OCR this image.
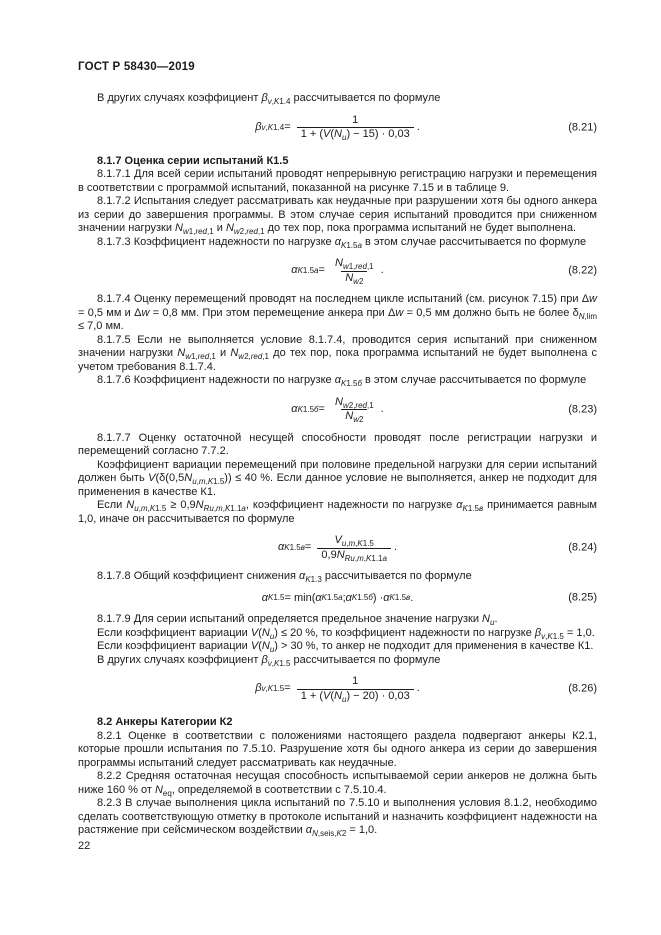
ГОСТ Р 58430—2019

В других случаях коэффициент $\beta_{v,K1.4}$ рассчитывается по формуле

β $v,K1.4 = \frac{1}{1 + (V(N_u) - 15) \cdot 0,03}$ .	(8.21)

8.1.7 Оценка серии испытаний К1.5

8.1.7.1 Для всей серии испытаний проводят непрерывную регистрацию нагрузки и перемещения в соответствии с программой испытаний, показанной на рисунке 7.15 и в таблице 9.

8.1.7.2 Испытания следует рассматривать как неудачные при разрушении хотя бы одного анкера из серии до завершения программы. В этом случае серия испытаний проводится при сниженном значении нагрузки $N_{w1,red,1}$ и $N_{w2,red,1}$ до тех пор, пока программа испытаний не будет выполнена.

8.1.7.3 Коэффициент надежности по нагрузке $\alpha_{K1.5а}$ в этом случае рассчитывается по формуле

α $K1.5а = \frac{N_{w1,red,1}}{N_{w2}}$ .	(8.22)

8.1.7.4 Оценку перемещений проводят на последнем цикле испытаний (см. рисунок 7.15) при Δw = 0,5 мм и Δw = 0,8 мм. При этом перемещение анкера при Δw = 0,5 мм должно быть не более $\delta_{N,lim} \le 7,0$ мм.

8.1.7.5 Если не выполняется условие 8.1.7.4, проводится серия испытаний при сниженном значении нагрузки $N_{w1,red,1}$ и $N_{w2,red,1}$ до тех пор, пока программа испытаний не будет выполнена с учетом требования 8.1.7.4.

8.1.7.6 Коэффициент надежности по нагрузке $\alpha_{K1.5б}$ в этом случае рассчитывается по формуле

α $K1.5б = \frac{N_{w2,red,1}}{N_{w2}}$ .	(8.23)

8.1.7.7 Оценку остаточной несущей способности проводят после регистрации нагрузки и перемещений согласно 7.7.2.

Коэффициент вариации перемещений при половине предельной нагрузки для серии испытаний должен быть $V(\delta(0,5N_{u,m,K1.5})) \le 40$ %. Если данное условие не выполняется, анкер не подходит для применения в качестве К1.

Если $N_{u,m,K1.5} \ge 0,9N_{Ru,m,K1.1a}$, коэффициент надежности по нагрузке $\alpha_{K1.5в}$ принимается равным 1,0, иначе он рассчитывается по формуле

α $K1.5в = \frac{V_{u,m,K1.5}}{0,9N_{Ru,m,K1.1a}}$ .	(8.24)

8.1.7.8 Общий коэффициент снижения $\alpha_{K1.3}$ рассчитывается по формуле

α K1.5 = min( α K1.5а ; α K1.5б ) · α K1.5в .	(8.25)

8.1.7.9 Для серии испытаний определяется предельное значение нагрузки $N_u$.

Если коэффициент вариации $V(N_u) \le 20$ %, то коэффициент надежности по нагрузке $\beta_{v,K1.5} = 1,0$.

Если коэффициент вариации $V(N_u) > 30$ %, то анкер не подходит для применения в качестве К1.

В других случаях коэффициент $\beta_{v,K1.5}$ рассчитывается по формуле

β $v,K1.5 = \frac{1}{1 + (V(N_u) - 20) \cdot 0,03}$ .	(8.26)

8.2 Анкеры Категории К2

8.2.1 Оценке в соответствии с положениями настоящего раздела подвергают анкеры К2.1, которые прошли испытания по 7.5.10. Разрушение хотя бы одного анкера из серии до завершения программы испытаний следует рассматривать как неудачные.

8.2.2 Средняя остаточная несущая способность испытываемой серии анкеров не должна быть ниже 160 % от $N_{eq}$, определяемой в соответствии с 7.5.10.4.

8.2.3 В случае выполнения цикла испытаний по 7.5.10 и выполнения условия 8.1.2, необходимо сделать соответствующую отметку в протоколе испытаний и назначить коэффициент надежности на растяжение при сейсмическом воздействии $\alpha_{N,seis,K2} = 1,0$.

22
